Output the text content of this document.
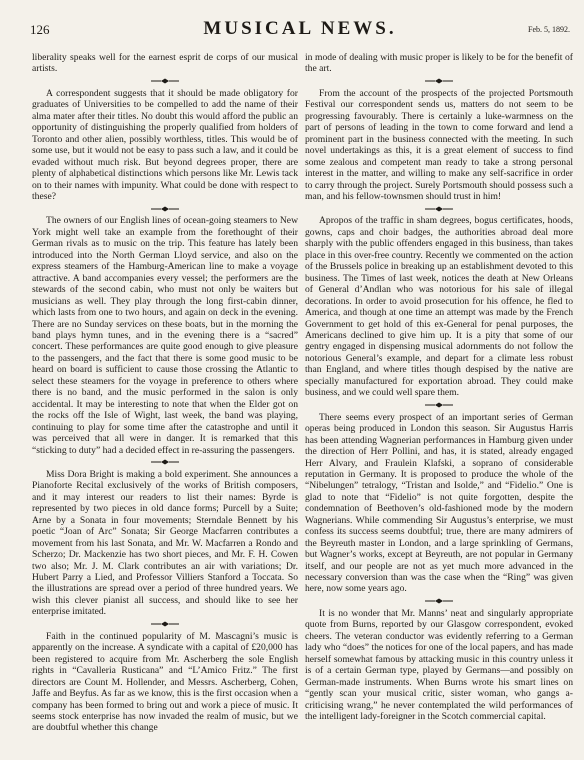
126	MUSICAL NEWS.	Feb. 5, 1892.

liberality speaks well for the earnest esprit de corps of our musical artists.

A correspondent suggests that it should be made obligatory for graduates of Universities to be compelled to add the name of their alma mater after their titles. No doubt this would afford the public an opportunity of distinguishing the properly qualified from holders of Toronto and other alien, possibly worthless, titles. This would be of some use, but it would not be easy to pass such a law, and it could be evaded without much risk. But beyond degrees proper, there are plenty of alphabetical distinctions which persons like Mr. Lewis tack on to their names with impunity. What could be done with respect to these?

The owners of our English lines of ocean-going steamers to New York might well take an example from the forethought of their German rivals as to music on the trip. This feature has lately been introduced into the North German Lloyd service, and also on the express steamers of the Hamburg-American line to make a voyage attractive. A band accompanies every vessel; the performers are the stewards of the second cabin, who must not only be waiters but musicians as well. They play through the long first-cabin dinner, which lasts from one to two hours, and again on deck in the evening. There are no Sunday services on these boats, but in the morning the band plays hymn tunes, and in the evening there is a “sacred” concert. These performances are quite good enough to give pleasure to the passengers, and the fact that there is some good music to be heard on board is sufficient to cause those crossing the Atlantic to select these steamers for the voyage in preference to others where there is no band, and the music performed in the salon is only accidental. It may be interesting to note that when the Elder got on the rocks off the Isle of Wight, last week, the band was playing, continuing to play for some time after the catastrophe and until it was perceived that all were in danger. It is remarked that this “sticking to duty” had a decided effect in re-assuring the passengers.

Miss Dora Bright is making a bold experiment. She announces a Pianoforte Recital exclusively of the works of British composers, and it may interest our readers to list their names: Byrde is represented by two pieces in old dance forms; Purcell by a Suite; Arne by a Sonata in four movements; Sterndale Bennett by his poetic “Joan of Arc” Sonata; Sir George Macfarren contributes a movement from his last Sonata, and Mr. W. Macfarren a Rondo and Scherzo; Dr. Mackenzie has two short pieces, and Mr. F. H. Cowen two also; Mr. J. M. Clark contributes an air with variations; Dr. Hubert Parry a Lied, and Professor Villiers Stanford a Toccata. So the illustrations are spread over a period of three hundred years. We wish this clever pianist all success, and should like to see her enterprise imitated.

Faith in the continued popularity of M. Mascagni’s music is apparently on the increase. A syndicate with a capital of £20,000 has been registered to acquire from Mr. Ascherberg the sole English rights in “Cavalleria Rusticana” and “L’Amico Fritz.” The first directors are Count M. Hollender, and Messrs. Ascherberg, Cohen, Jaffe and Beyfus. As far as we know, this is the first occasion when a company has been formed to bring out and work a piece of music. It seems stock enterprise has now invaded the realm of music, but we are doubtful whether this change

in mode of dealing with music proper is likely to be for the benefit of the art.

From the account of the prospects of the projected Portsmouth Festival our correspondent sends us, matters do not seem to be progressing favourably. There is certainly a luke-warmness on the part of persons of leading in the town to come forward and lend a prominent part in the business connected with the meeting. In such novel undertakings as this, it is a great element of success to find some zealous and competent man ready to take a strong personal interest in the matter, and willing to make any self-sacrifice in order to carry through the project. Surely Portsmouth should possess such a man, and his fellow-townsmen should trust in him!

Apropos of the traffic in sham degrees, bogus certificates, hoods, gowns, caps and choir badges, the authorities abroad deal more sharply with the public offenders engaged in this business, than takes place in this over-free country. Recently we commented on the action of the Brussels police in breaking up an establishment devoted to this business. The Times of last week, notices the death at New Orleans of General d’Andlan who was notorious for his sale of illegal decorations. In order to avoid prosecution for his offence, he fled to America, and though at one time an attempt was made by the French Government to get hold of this ex-General for penal purposes, the Americans declined to give him up. It is a pity that some of our gentry engaged in dispensing musical adornments do not follow the notorious General’s example, and depart for a climate less robust than England, and where titles though despised by the native are specially manufactured for exportation abroad. They could make business, and we could well spare them.

There seems every prospect of an important series of German operas being produced in London this season. Sir Augustus Harris has been attending Wagnerian performances in Hamburg given under the direction of Herr Pollini, and has, it is stated, already engaged Herr Alvary, and Fraulein Klafski, a soprano of considerable reputation in Germany. It is proposed to produce the whole of the “Nibelungen” tetralogy, “Tristan and Isolde,” and “Fidelio.” One is glad to note that “Fidelio” is not quite forgotten, despite the condemnation of Beethoven’s old-fashioned mode by the modern Wagnerians. While commending Sir Augustus’s enterprise, we must confess its success seems doubtful; true, there are many admirers of the Beyreuth master in London, and a large sprinkling of Germans, but Wagner’s works, except at Beyreuth, are not popular in Germany itself, and our people are not as yet much more advanced in the necessary conversion than was the case when the “Ring” was given here, now some years ago.

It is no wonder that Mr. Manns’ neat and singularly appropriate quote from Burns, reported by our Glasgow correspondent, evoked cheers. The veteran conductor was evidently referring to a German lady who “does” the notices for one of the local papers, and has made herself somewhat famous by attacking music in this country unless it is of a certain German type, played by Germans—and possibly on German-made instruments. When Burns wrote his smart lines on “gently scan your musical critic, sister woman, who gangs a-criticising wrang,” he never contemplated the wild performances of the intelligent lady-foreigner in the Scotch commercial capital.
